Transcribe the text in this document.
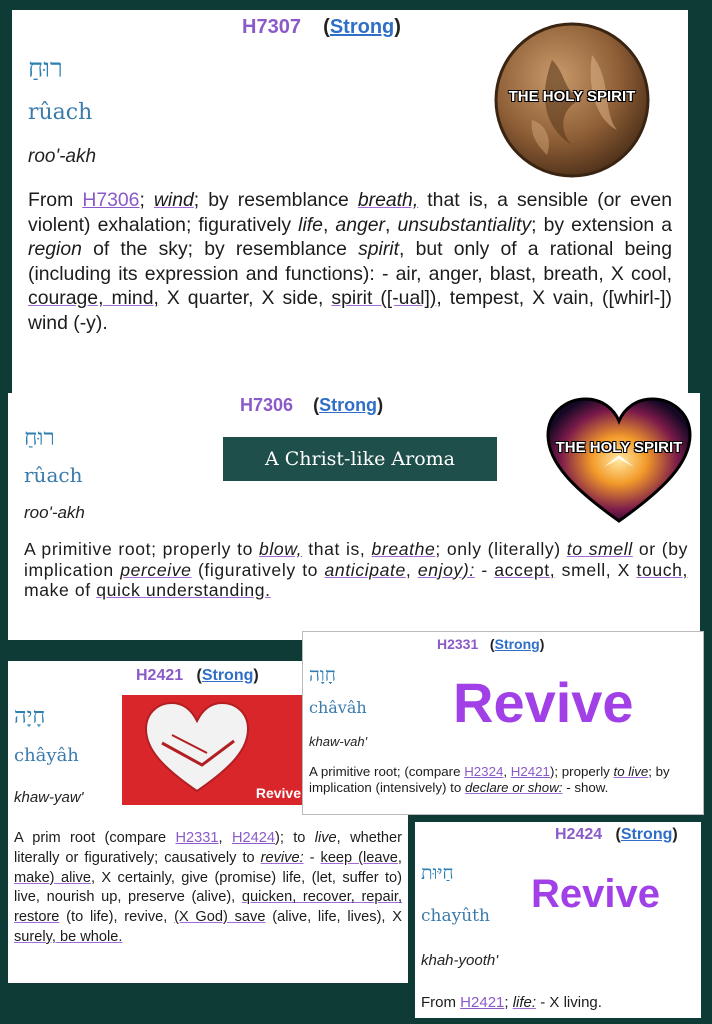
H7307    (Strong)
רוּחַ
rûach
roo'-akh
THE HOLY SPIRIT
From H7306; wind; by resemblance breath, that is, a sensible (or even violent) exhalation; figuratively life, anger, unsubstantiality; by extension a region of the sky; by resemblance spirit, but only of a rational being (including its expression and functions): - air, anger, blast, breath, X cool, courage, mind, X quarter, X side, spirit ([-ual]), tempest, X vain, ([whirl-]) wind (-y).
H7306    (Strong)
רוּחַ
rûach
roo'-akh
A Christ-like Aroma
THE HOLY SPIRIT
A primitive root; properly to blow, that is, breathe; only (literally) to smell or (by implication perceive (figuratively to anticipate, enjoy): - accept, smell, X touch, make of quick understanding.
H2421   (Strong)
חָיָה
châyâh
khaw-yaw'	Revive
A prim root (compare H2331, H2424); to live, whether literally or figuratively; causatively to revive: - keep (leave, make) alive, X certainly, give (promise) life, (let, suffer to) live, nourish up, preserve (alive), quicken, recover, repair, restore (to life), revive, (X God) save (alive, life, lives), X surely, be whole.
H2331   (Strong)
חָוָה
châvâh
khaw-vah'
Revive
A primitive root; (compare H2324, H2421); properly to live; by implication (intensively) to declare or show: - show.
H2424   (Strong)
חַיּוּת
chayûth
khah-yooth'
Revive
From H2421; life: - X living.
